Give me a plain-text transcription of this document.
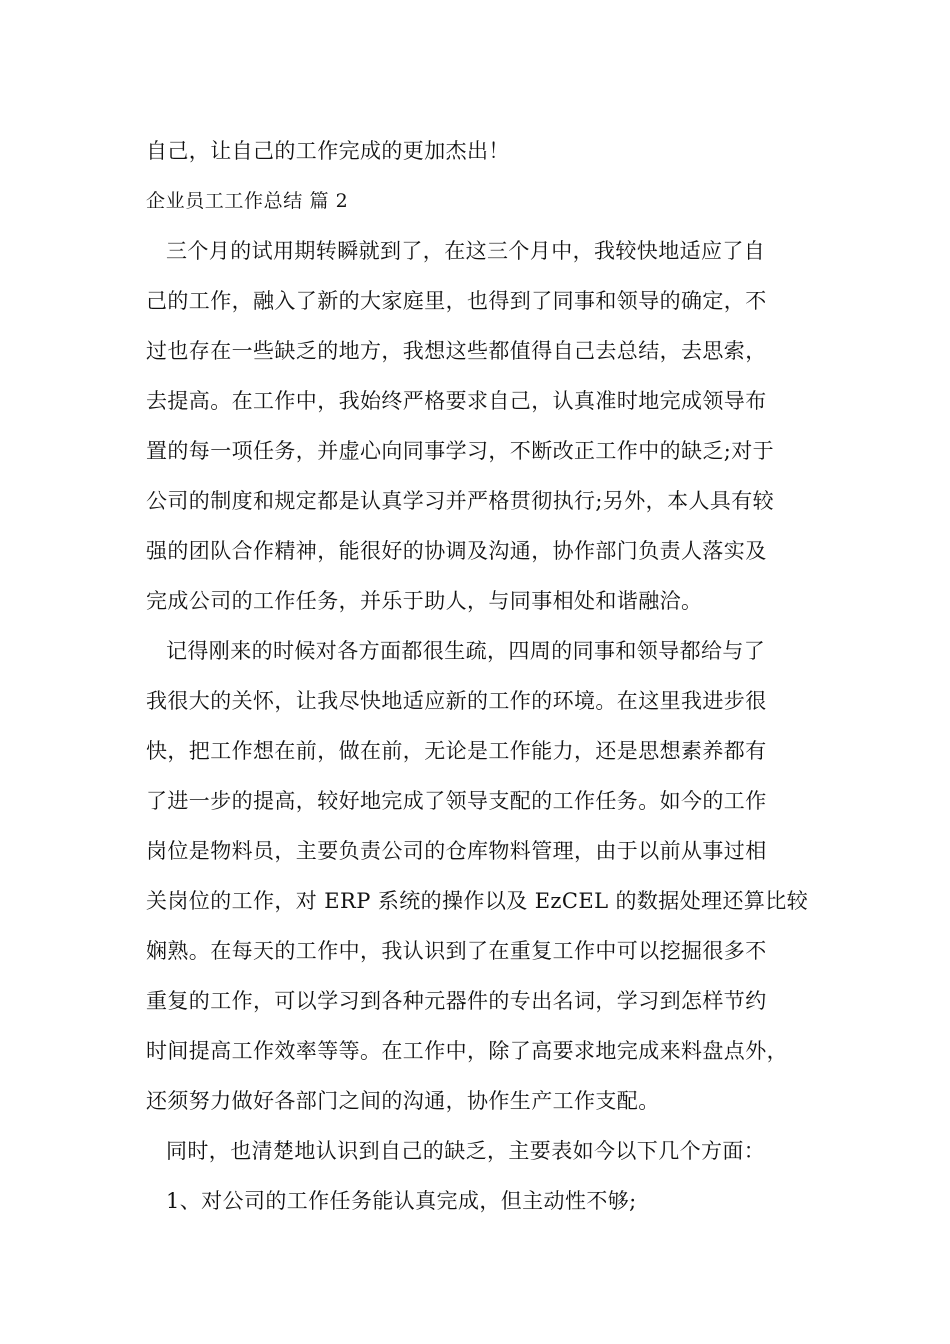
自己，让自己的工作完成的更加杰出！
企业员工工作总结 篇 2
三个月的试用期转瞬就到了，在这三个月中，我较快地适应了自
己的工作，融入了新的大家庭里，也得到了同事和领导的确定，不
过也存在一些缺乏的地方，我想这些都值得自己去总结，去思索，
去提高。在工作中，我始终严格要求自己，认真准时地完成领导布
置的每一项任务，并虚心向同事学习，不断改正工作中的缺乏;对于
公司的制度和规定都是认真学习并严格贯彻执行;另外，本人具有较
强的团队合作精神，能很好的协调及沟通，协作部门负责人落实及
完成公司的工作任务，并乐于助人，与同事相处和谐融洽。
记得刚来的时候对各方面都很生疏，四周的同事和领导都给与了
我很大的关怀，让我尽快地适应新的工作的环境。在这里我进步很
快，把工作想在前，做在前，无论是工作能力，还是思想素养都有
了进一步的提高，较好地完成了领导支配的工作任务。如今的工作
岗位是物料员，主要负责公司的仓库物料管理，由于以前从事过相
关岗位的工作，对 ERP 系统的操作以及 EzCEL 的数据处理还算比较
娴熟。在每天的工作中，我认识到了在重复工作中可以挖掘很多不
重复的工作，可以学习到各种元器件的专出名词，学习到怎样节约
时间提高工作效率等等。在工作中，除了高要求地完成来料盘点外，
还须努力做好各部门之间的沟通，协作生产工作支配。
同时，也清楚地认识到自己的缺乏，主要表如今以下几个方面：
1、对公司的工作任务能认真完成，但主动性不够;
